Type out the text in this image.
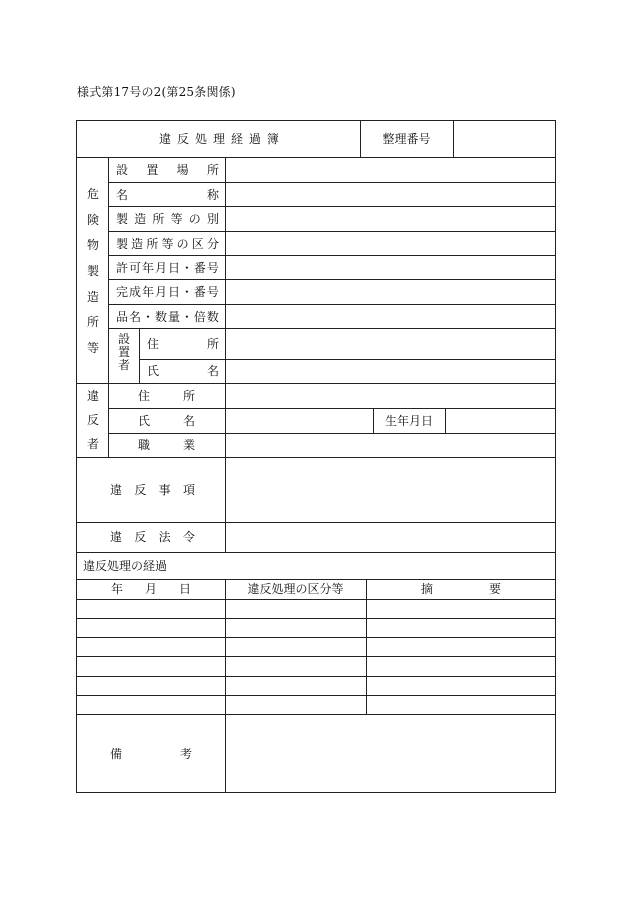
様式第17号の2(第25条関係)
違 反 処 理 経 過 簿	整理番号
危
険
物
製
造
所
等
設 置 場 所
名	称
製 造 所 等 の 別
製 造 所 等 の 区 分
許 可 年 月 日 ・ 番 号
完 成 年 月 日 ・ 番 号
品 名 ・ 数 量 ・ 倍 数
設置者
住	所
氏	名
違
反
者
住	所
氏	名	生年月日
職	業
違 反 事 項
違 反 法 令
違反処理の経過
年 月 日	違反処理の区分等	摘	要
備	考
